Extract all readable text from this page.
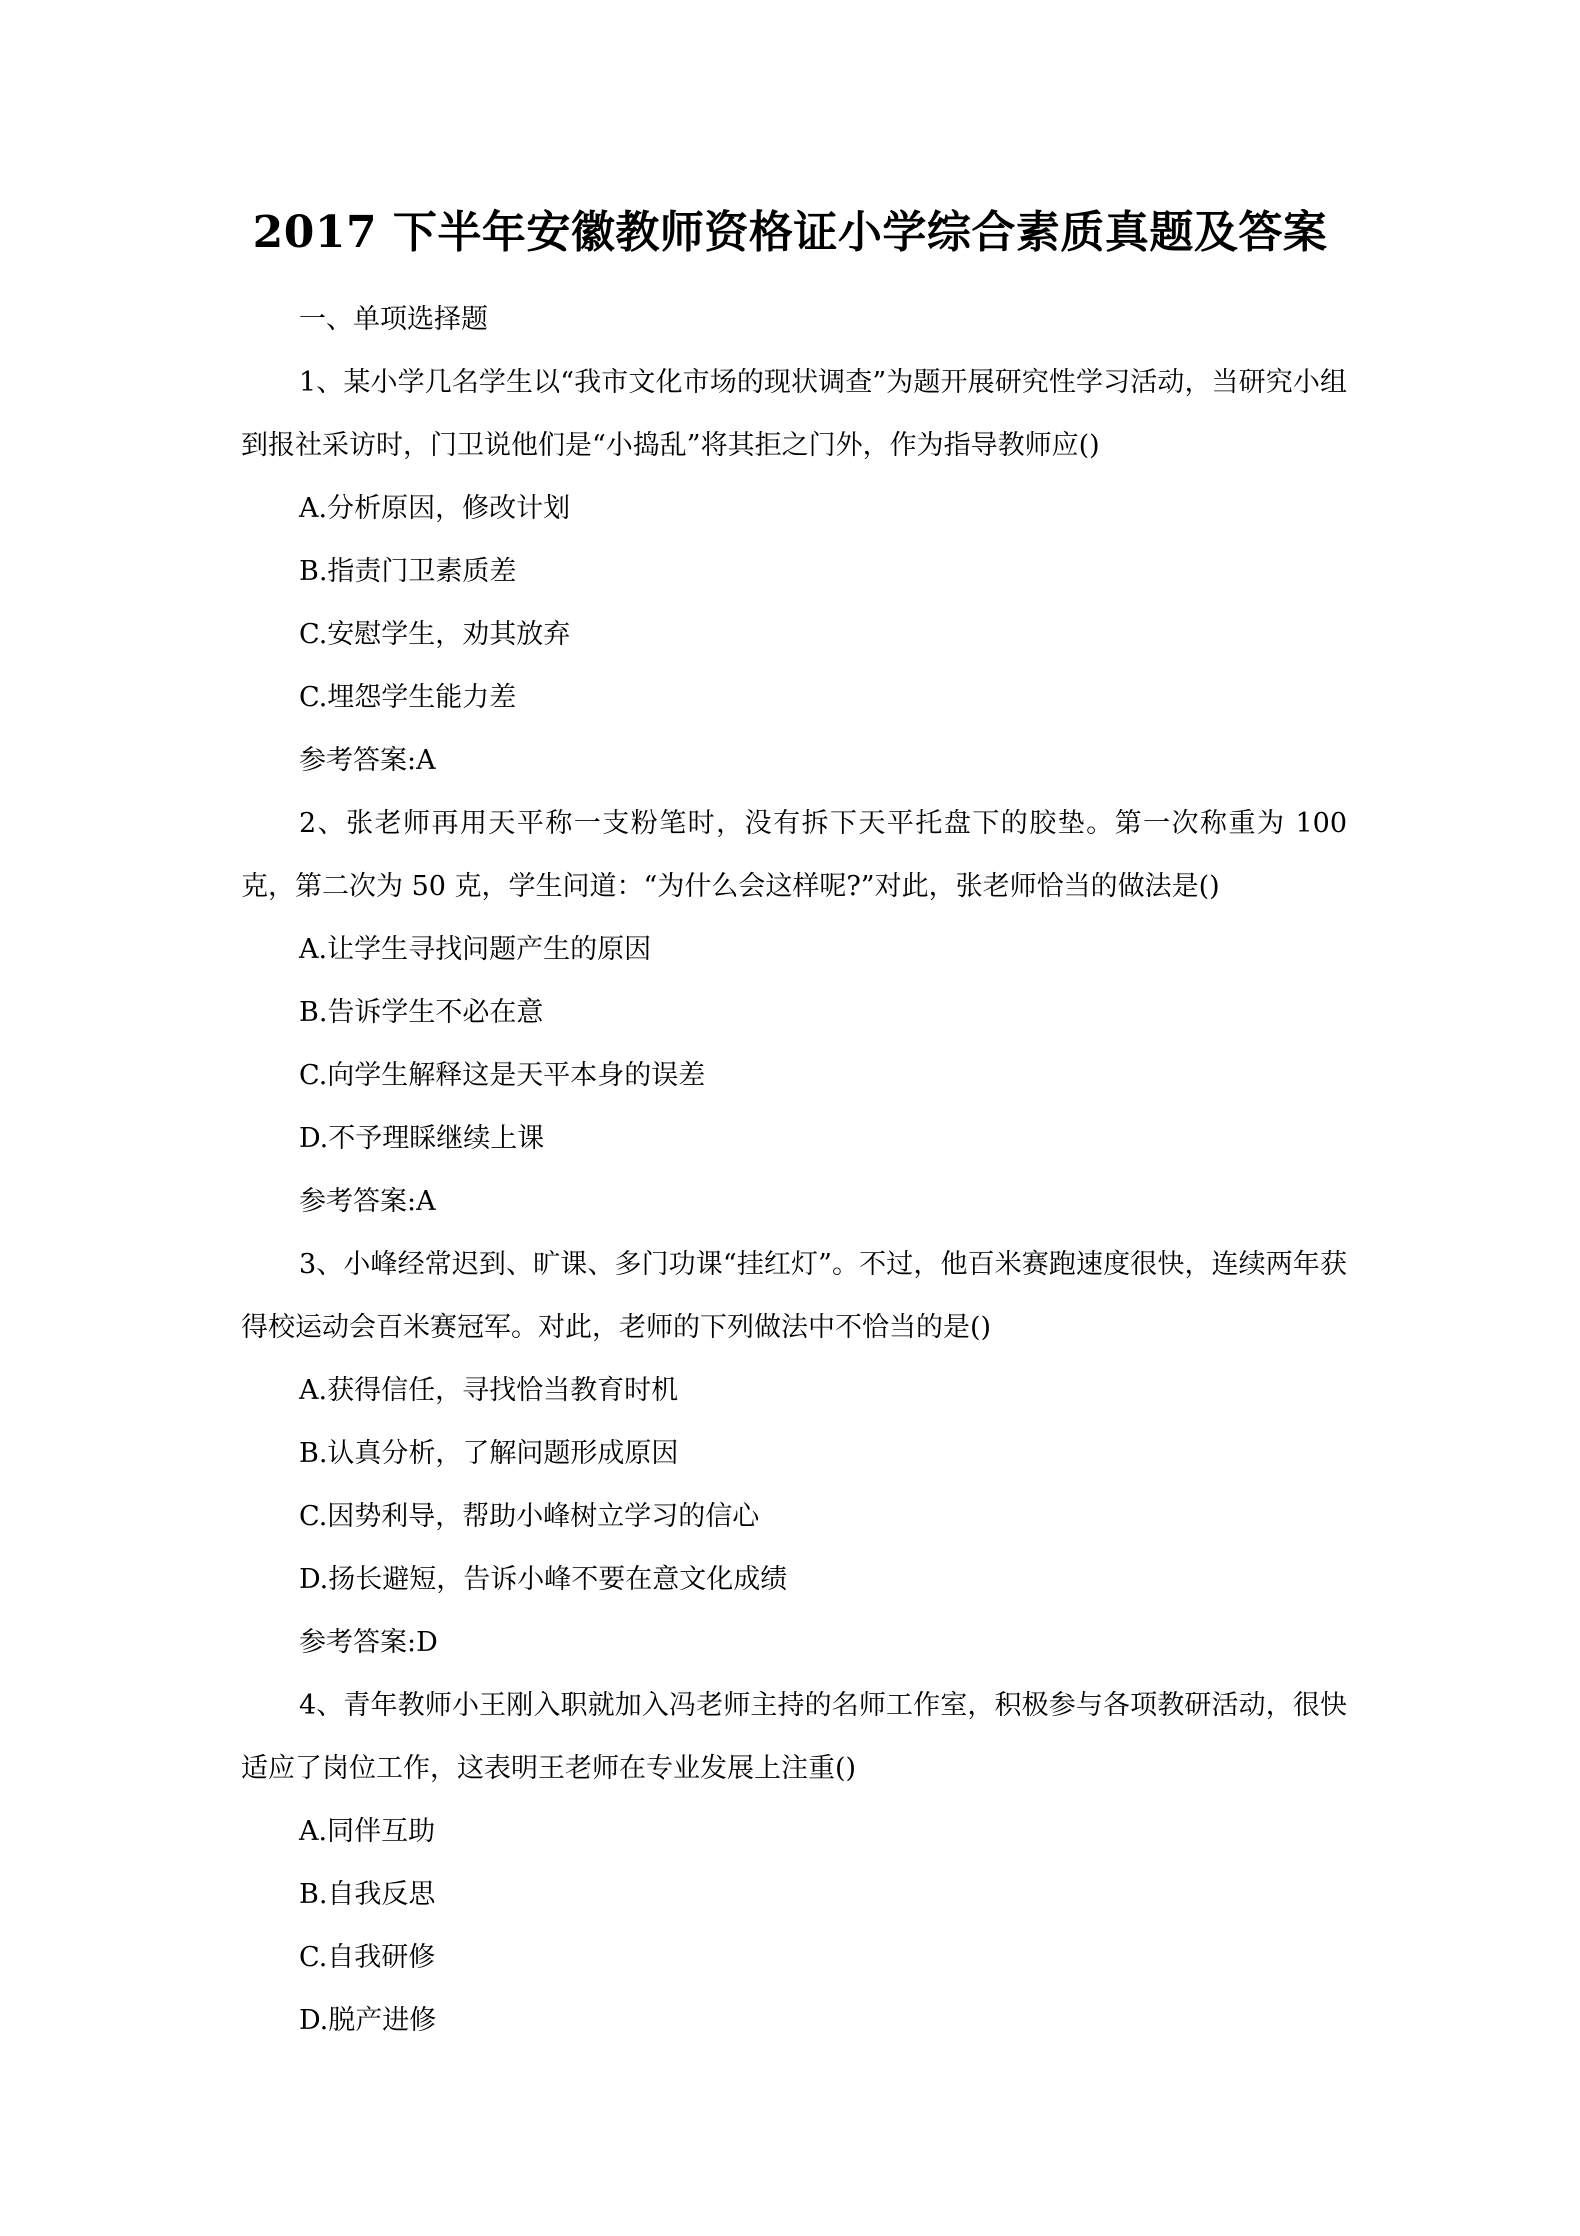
2017 下半年安徽教师资格证小学综合素质真题及答案

一、单项选择题

1、某小学几名学生以“我市文化市场的现状调查”为题开展研究性学习活动，当研究小组到报社采访时，门卫说他们是“小捣乱”将其拒之门外，作为指导教师应()

A.分析原因，修改计划

B.指责门卫素质差

C.安慰学生，劝其放弃

C.埋怨学生能力差

参考答案:A

2、张老师再用天平称一支粉笔时，没有拆下天平托盘下的胶垫。第一次称重为 100 克，第二次为 50 克，学生问道：“为什么会这样呢?”对此，张老师恰当的做法是()

A.让学生寻找问题产生的原因

B.告诉学生不必在意

C.向学生解释这是天平本身的误差

D.不予理睬继续上课

参考答案:A

3、小峰经常迟到、旷课、多门功课“挂红灯”。不过，他百米赛跑速度很快，连续两年获得校运动会百米赛冠军。对此，老师的下列做法中不恰当的是()

A.获得信任，寻找恰当教育时机

B.认真分析，了解问题形成原因

C.因势利导，帮助小峰树立学习的信心

D.扬长避短，告诉小峰不要在意文化成绩

参考答案:D

4、青年教师小王刚入职就加入冯老师主持的名师工作室，积极参与各项教研活动，很快适应了岗位工作，这表明王老师在专业发展上注重()

A.同伴互助

B.自我反思

C.自我研修

D.脱产进修
